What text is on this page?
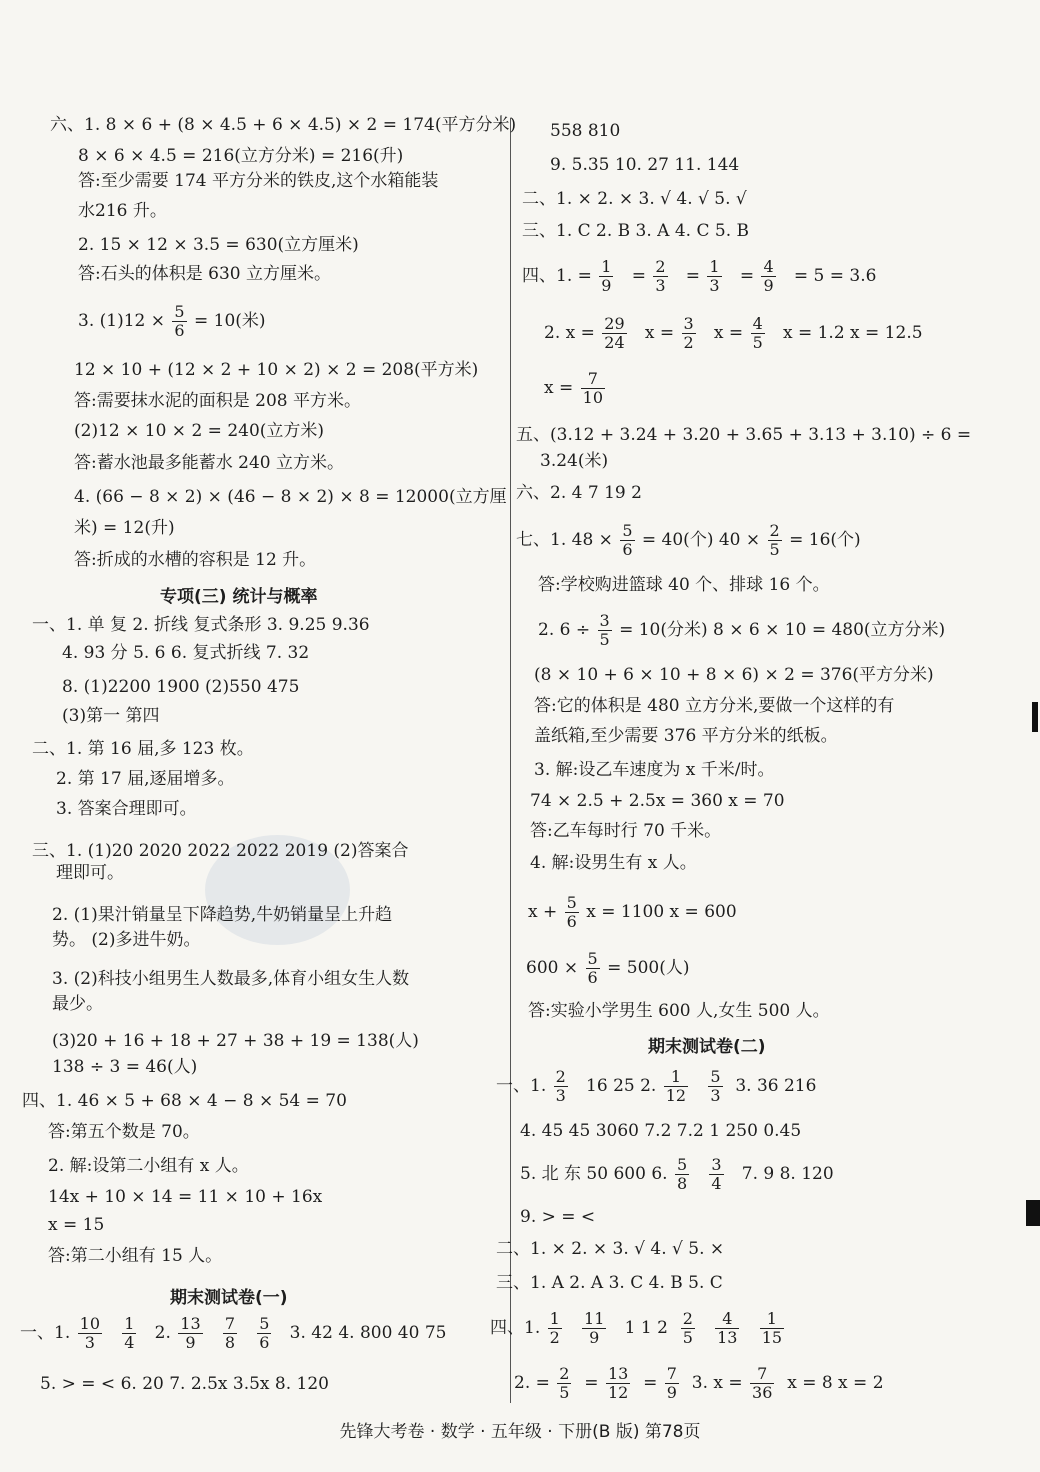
六、1. 8 × 6 + (8 × 4.5 + 6 × 4.5) × 2 = 174(平方分米)
8 × 6 × 4.5 = 216(立方分米) = 216(升)
答:至少需要 174 平方分米的铁皮,这个水箱能装
水216 升。
2. 15 × 12 × 3.5 = 630(立方厘米)
答:石头的体积是 630 立方厘米。
3. $(1)12 \times \frac{5}{6} = 10$(米)
12 × 10 + (12 × 2 + 10 × 2) × 2 = 208(平方米)
答:需要抹水泥的面积是 208 平方米。
(2)12 × 10 × 2 = 240(立方米)
答:蓄水池最多能蓄水 240 立方米。
4. (66 − 8 × 2) × (46 − 8 × 2) × 8 = 12000(立方厘
米) = 12(升)
答:折成的水槽的容积是 12 升。
专项(三) 统计与概率
一、1. 单 复 2. 折线 复式条形 3. 9.25 9.36
4. 93 分 5. 6 6. 复式折线 7. 32
8. (1)2200 1900 (2)550 475
(3)第一 第四
二、1. 第 16 届,多 123 枚。
2. 第 17 届,逐届增多。
3. 答案合理即可。
三、1. (1)20 2020 2022 2022 2019 (2)答案合
理即可。
2. (1)果汁销量呈下降趋势,牛奶销量呈上升趋
势。 (2)多进牛奶。
3. (2)科技小组男生人数最多,体育小组女生人数
最少。
(3)20 + 16 + 18 + 27 + 38 + 19 = 138(人)
138 ÷ 3 = 46(人)
四、1. 46 × 5 + 68 × 4 − 8 × 54 = 70
答:第五个数是 70。
2. 解:设第二小组有 x 人。
14x + 10 × 14 = 11 × 10 + 16x
x = 15
答:第二小组有 15 人。
期末测试卷(一)
一、1. $\frac{10}{3}$
$\frac{1}{4} 2$. $\frac{13}{9}$
$\frac{7}{8}$
$\frac{5}{6} 3$. 42 4. 800 40 75
5. > = < 6. 20 7. 2.5x 3.5x 8. 120
558 810
9. 5.35 10. 27 11. 144
二、1. × 2. × 3. √ 4. √ 5. √
三、1. C 2. B 3. A 4. C 5. B
四、1. = $\frac{1}{9} = \frac{2}{3} = \frac{1}{3} = \frac{4}{9} = 5 = 3.6$
2. $x = \frac{29}{24}$ $x = \frac{3}{2}$ $x = \frac{4}{5}$ x = 1.2 x = 12.5
$x = \frac{7}{10}$
五、(3.12 + 3.24 + 3.20 + 3.65 + 3.13 + 3.10) ÷ 6 =
3.24(米)
六、2. 4 7 19 2
七、1. $48 \times \frac{5}{6} = 40$(个) $40 \times \frac{2}{5} = 16$(个)
答:学校购进篮球 40 个、排球 16 个。
2. $6 \div \frac{3}{5} = 10$(分米) 8 × 6 × 10 = 480(立方分米)
(8 × 10 + 6 × 10 + 8 × 6) × 2 = 376(平方分米)
答:它的体积是 480 立方分米,要做一个这样的有
盖纸箱,至少需要 376 平方分米的纸板。
3. 解:设乙车速度为 x 千米/时。
74 × 2.5 + 2.5x = 360 x = 70
答:乙车每时行 70 千米。
4. 解:设男生有 x 人。
$x + \frac{5}{6}$ x = 1100 x = 600
$600 \times \frac{5}{6} = 500$(人)
答:实验小学男生 600 人,女生 500 人。
期末测试卷(二)
一、1. $\frac{2}{3} 16$ 25 2. $\frac{1}{12}$
$\frac{5}{3} 3$. 36 216
4. 45 45 3060 7.2 7.2 1 250 0.45
5. 北 东 50 600 6. $\frac{5}{8}$
$\frac{3}{4} 7$. 9 8. 120
9. > = <
二、1. × 2. × 3. √ 4. √ 5. ×
三、1. A 2. A 3. C 4. B 5. C
四、1. $\frac{1}{2}$
$\frac{11}{9} 1$ 1 $2 \frac{2}{5}$
$\frac{4}{13}$
$\frac{1}{15}$
2. = $\frac{2}{5} = \frac{13}{12} = \frac{7}{9} 3$. $x = \frac{7}{36}$ x = 8 x = 2
先锋大考卷 · 数学 · 五年级 · 下册(B 版) 第78页
